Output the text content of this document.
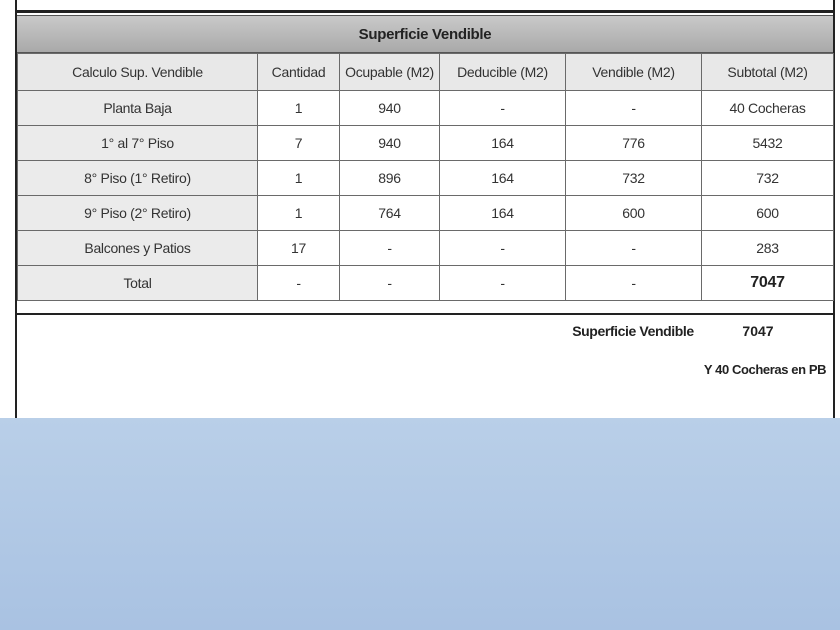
Superficie Vendible
Calculo Sup. Vendible	Cantidad	Ocupable (M2)	Deducible (M2)	Vendible (M2)	Subtotal (M2)
Planta Baja	1	940	-	-	40 Cocheras
1° al 7° Piso	7	940	164	776	5432
8° Piso (1° Retiro)	1	896	164	732	732
9° Piso (2° Retiro)	1	764	164	600	600
Balcones y Patios	17	-	-	-	283
Total	-	-	-	-	7047
Superficie Vendible	7047
Y 40 Cocheras en PB
